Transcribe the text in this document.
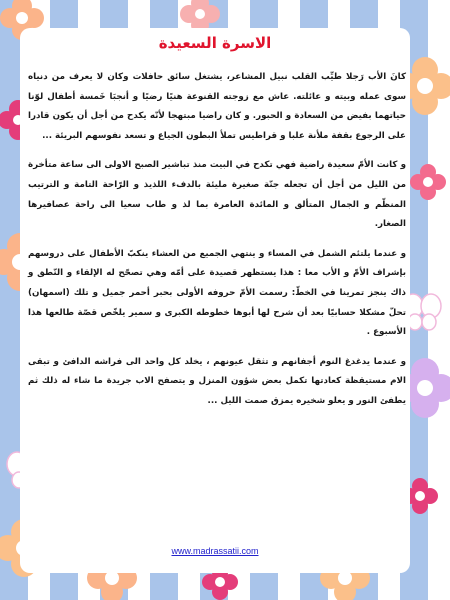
الاسرة السعيدة

كانَ الأب رَجلا طيِّب القلب نبيل المشاعر، يشتغل سائق حافلات وكان لا يعرف من دنياه سوى عمله وبيته و عائلته. عاش مع زوجته القنوعة هنيًا رضيًا و أنجبَا خَمسة أطفال لوّنا حياتهما بفيض من السعادة و الحبور. و كان راضيا مبتهجا لأنّه يكدح من أجل أن يكون قادرا على الرجوع بقفة ملأنة علبا و قراطيس تملأ البطون الجياع و تسعد نفوسهم البريئة ...

و كانت الأمّ سعيدة راضية فهي تكدح في البيت منذ تباشير الصبح الاولى الى ساعة متأخرة من الليل من أجل أن تجعله جنّة صغيرة مليئة بالدفء اللذيذ و الرّاحة التامة و الترتيب المنظّم و الجمال المتألق و المائدة العامرة بما لذ و طاب سعيا الى راحة عصافيرها الصغار.

و عندما يلتئم الشمل في المساء و ينتهي الجميع من العشاء ينكبّ الأطفال على دروسهم بإشراف الأمّ و الأب معا : هذا يستظهر قصيدة على أمّه وهي تصحّح له الإلقاء و النّطق و ذاك ينجز تمرينا في الخطّ: رسمت الأمّ حروفه الأولى بحبر أحمر جميل و تلك (اسمهان) تحلّ مشكلا حسابيّا بعد أن شرح لها أبوها خطوطه الكبرى و سمير يلخّص قصّة طالعها هذا الأسبوع .

و عندما يدغدغ النوم أجفانهم و تثقل عيونهم ، يخلد كل واحد الى فراشه الدافئ و تبقى الام مستيقظة كعادتها تكمل بعض شؤون المنزل و يتصفح الاب جريدة ما شاء له ذلك ثم يطفئ النور و يعلو شخيره يمزق صمت الليل ...

www.madrassatii.com
